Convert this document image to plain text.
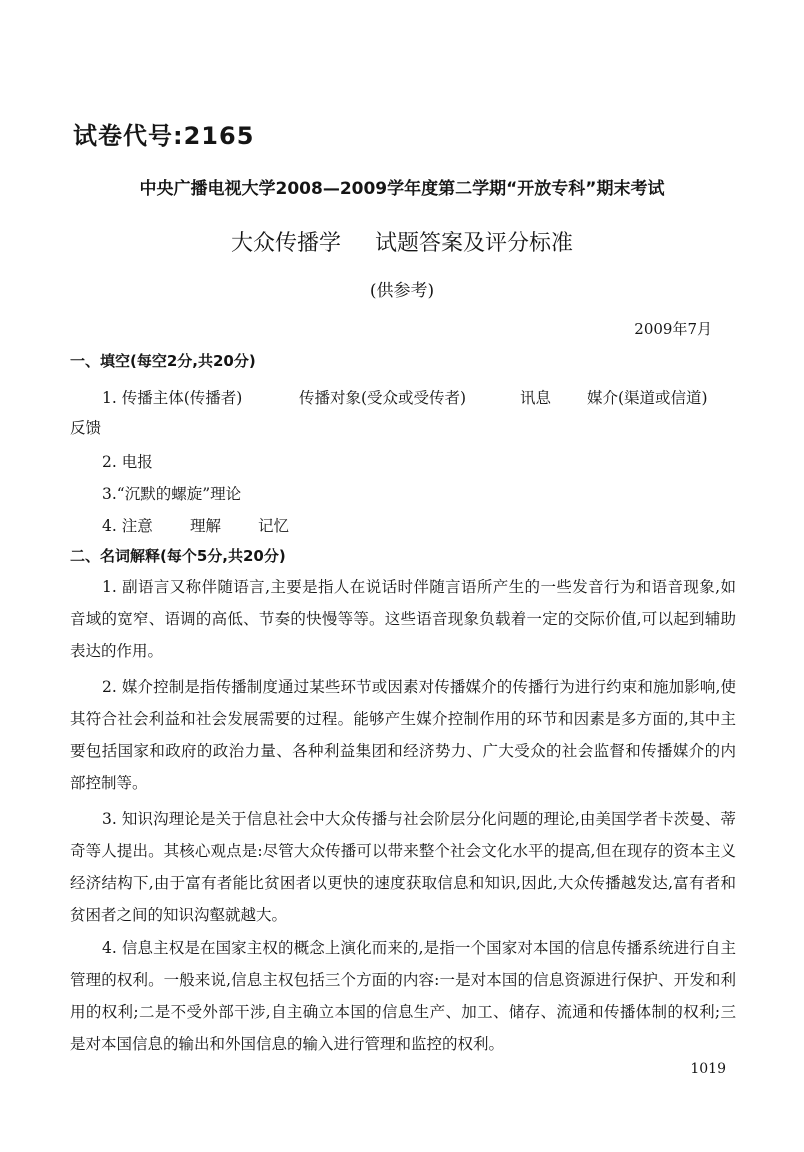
试卷代号:2165
中央广播电视大学2008—2009学年度第二学期“开放专科”期末考试
大众传播学 试题答案及评分标准
(供参考)
2009年7月
一、填空(每空2分,共20分)
1. 传播主体(传播者)	传播对象(受众或受传者)	讯息 媒介(渠道或信道)
反馈
2. 电报
3.“沉默的螺旋”理论
4. 注意 理解 记忆
二、名词解释(每个5分,共20分)
1. 副语言又称伴随语言,主要是指人在说话时伴随言语所产生的一些发音行为和语音现象,如音域的宽窄、语调的高低、节奏的快慢等等。这些语音现象负载着一定的交际价值,可以起到辅助表达的作用。
2. 媒介控制是指传播制度通过某些环节或因素对传播媒介的传播行为进行约束和施加影响,使其符合社会利益和社会发展需要的过程。能够产生媒介控制作用的环节和因素是多方面的,其中主要包括国家和政府的政治力量、各种利益集团和经济势力、广大受众的社会监督和传播媒介的内部控制等。
3. 知识沟理论是关于信息社会中大众传播与社会阶层分化问题的理论,由美国学者卡茨曼、蒂奇等人提出。其核心观点是:尽管大众传播可以带来整个社会文化水平的提高,但在现存的资本主义经济结构下,由于富有者能比贫困者以更快的速度获取信息和知识,因此,大众传播越发达,富有者和贫困者之间的知识沟壑就越大。
4. 信息主权是在国家主权的概念上演化而来的,是指一个国家对本国的信息传播系统进行自主管理的权利。一般来说,信息主权包括三个方面的内容:一是对本国的信息资源进行保护、开发和利用的权利;二是不受外部干涉,自主确立本国的信息生产、加工、储存、流通和传播体制的权利;三是对本国信息的输出和外国信息的输入进行管理和监控的权利。
1019
